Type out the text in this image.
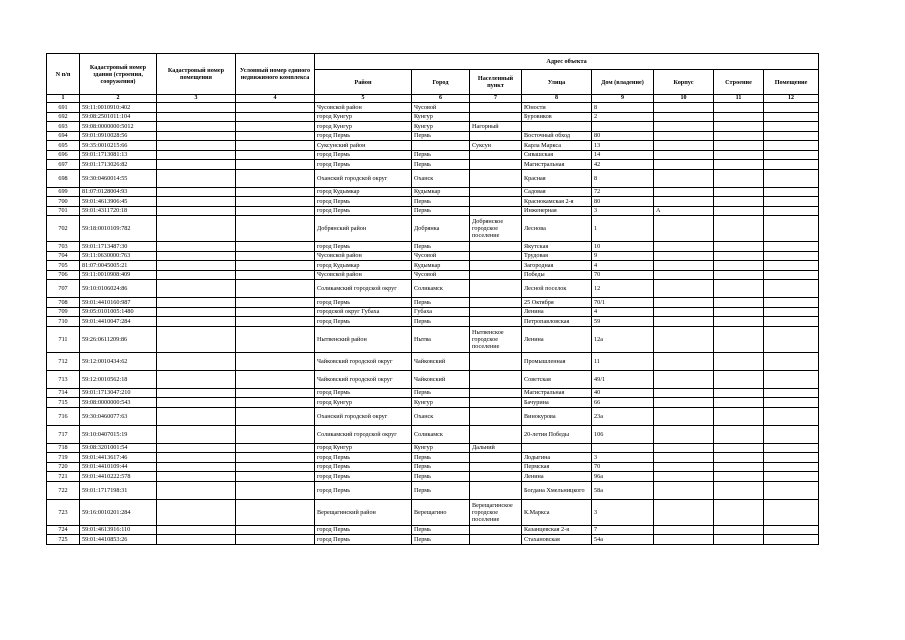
N п/п	Кадастровый номер здания (строения, сооружения)	Кадастровый номер помещения	Условный номер единого недвижимого комплекса	Адрес объекта							
				Район	Город	Населенный пункт	Улица	Дом (владение)	Корпус	Строение	Помещение
1	2	3	4	5	6	7	8	9	10	11	12
691	59:11:0010910:402			Чусовской район	Чусовой		Юности	8			
692	59:08:2501011:104			город Кунгур	Кунгур		Буровиков	2			
693	59:08:0000000:5012			город Кунгур	Кунгур	Нагорный					
694	59:01:0910028:56			город Пермь	Пермь		Восточный обход	80			
695	59:35:0010215:66			Суксунский район		Суксун	Карла Маркса	13			
696	59:01:1713081:13			город Пермь	Пермь		Сивашская	14			
697	59:01:1713026:82			город Пермь	Пермь		Магистральная	42			
698	59:30:0460014:55			Оханский городской округ	Оханск		Красная	8			
699	81:07:0128004:93			город Кудымкар	Кудымкар		Садовая	72			
700	59:01:4613906:45			город Пермь	Пермь		Краснокамская 2-я	80			
701	59:01:4311720:18			город Пермь	Пермь		Инженерная	3	А		
702	59:18:0010109:782			Добрянский район	Добрянка	Добрянское городское поселение	Лесновa	1			
703	59:01:1713487:30			город Пермь	Пермь		Якутская	10			
704	59:11:0630000:763			Чусовской район	Чусовой		Трудовая	9			
705	81:07:0045005:21			город Кудымкар	Кудымкар		Загородная	4			
706	59:11:0010908:409			Чусовской район	Чусовой		Победы	70			
707	59:10:0106024:86			Соликамский городской округ	Соликамск		Лесной поселок	12			
708	59:01:4410160:987			город Пермь	Пермь		25 Октября	70/1			
709	59:05:0101005:1480			городской округ Губаха	Губаха		Ленина	4			
710	59:01:4410047:284			город Пермь	Пермь		Петропавловская	59			
711	59:26:0611209:86			Нытвенский район	Нытва	Нытвенское городское поселение	Ленина	12а			
712	59:12:0010434:62			Чайковский городской округ	Чайковский		Промышленная	11			
713	59:12:0010562:18			Чайковский городской округ	Чайковский		Советская	49/1			
714	59:01:1713047:210			город Пермь	Пермь		Магистральная	40			
715	59:08:0000000:543			город Кунгур	Кунгур		Бачурина	66			
716	59:30:0460077:63			Оханский городской округ	Оханск		Винокурова	23а			
717	59:10:0407015:19			Соликамский городской округ	Соликамск		20-летия Победы	106			
718	59:08:3201001:54			город Кунгур	Кунгур	Дальний					
719	59:01:4413617:46			город Пермь	Пермь		Лодыгина	3			
720	59:01:4410109:44			город Пермь	Пермь		Пермская	70			
721	59:01:4410222:578			город Пермь	Пермь		Ленина	96а			
722	59:01:1717198:31			город Пермь	Пермь		Богдана Хмельницкого	58а			
723	59:16:0010201:284			Верещагинский район	Верещагино	Верещагинское городское поселение	К.Маркса	3			
724	59:01:4613916:110			город Пермь	Пермь		Казанцевская 2-я	7			
725	59:01:4410853:26			город Пермь	Пермь		Стахановская	54а			
